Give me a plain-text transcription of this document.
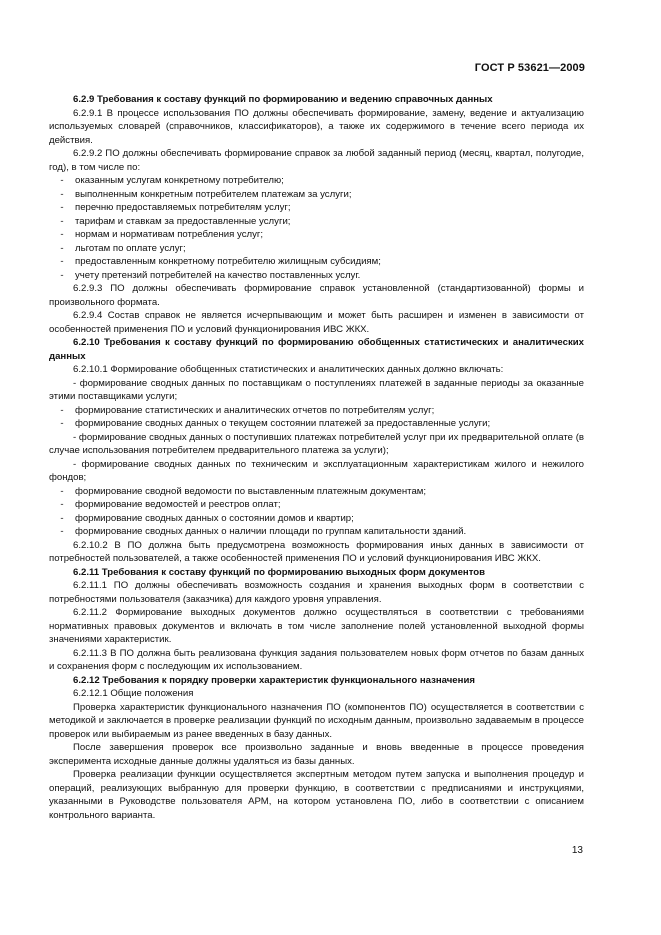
ГОСТ Р 53621—2009

6.2.9 Требования к составу функций по формированию и ведению справочных данных

6.2.9.1 В процессе использования ПО должны обеспечивать формирование, замену, ведение и актуализацию используемых словарей (справочников, классификаторов), а также их содержимого в течение всего периода их действия.

6.2.9.2 ПО должны обеспечивать формирование справок за любой заданный период (месяц, квартал, полугодие, год), в том числе по:

- оказанным услугам конкретному потребителю;

- выполненным конкретным потребителем платежам за услуги;

- перечню предоставляемых потребителям услуг;

- тарифам и ставкам за предоставленные услуги;

- нормам и нормативам потребления услуг;

- льготам по оплате услуг;

- предоставленным конкретному потребителю жилищным субсидиям;

- учету претензий потребителей на качество поставленных услуг.

6.2.9.3 ПО должны обеспечивать формирование справок установленной (стандартизованной) формы и произвольного формата.

6.2.9.4 Состав справок не является исчерпывающим и может быть расширен и изменен в зависимости от особенностей применения ПО и условий функционирования ИВС ЖКХ.

6.2.10 Требования к составу функций по формированию обобщенных статистических и аналитических данных

6.2.10.1 Формирование обобщенных статистических и аналитических данных должно включать:

- формирование сводных данных по поставщикам о поступлениях платежей в заданные периоды за оказанные этими поставщиками услуги;

- формирование статистических и аналитических отчетов по потребителям услуг;

- формирование сводных данных о текущем состоянии платежей за предоставленные услуги;

- формирование сводных данных о поступивших платежах потребителей услуг при их предварительной оплате (в случае использования потребителем предварительного платежа за услуги);

- формирование сводных данных по техническим и эксплуатационным характеристикам жилого и нежилого фондов;

- формирование сводной ведомости по выставленным платежным документам;

- формирование ведомостей и реестров оплат;

- формирование сводных данных о состоянии домов и квартир;

- формирование сводных данных о наличии площади по группам капитальности зданий.

6.2.10.2 В ПО должна быть предусмотрена возможность формирования иных данных в зависимости от потребностей пользователей, а также особенностей применения ПО и условий функционирования ИВС ЖКХ.

6.2.11 Требования к составу функций по формированию выходных форм документов

6.2.11.1 ПО должны обеспечивать возможность создания и хранения выходных форм в соответствии с потребностями пользователя (заказчика) для каждого уровня управления.

6.2.11.2 Формирование выходных документов должно осуществляться в соответствии с требованиями нормативных правовых документов и включать в том числе заполнение полей установленной выходной формы значениями характеристик.

6.2.11.3 В ПО должна быть реализована функция задания пользователем новых форм отчетов по базам данных и сохранения форм с последующим их использованием.

6.2.12 Требования к порядку проверки характеристик функционального назначения

6.2.12.1 Общие положения

Проверка характеристик функционального назначения ПО (компонентов ПО) осуществляется в соответствии с методикой и заключается в проверке реализации функций по исходным данным, произвольно задаваемым в процессе проверок или выбираемым из ранее введенных в базу данных.

После завершения проверок все произвольно заданные и вновь введенные в процессе проведения эксперимента исходные данные должны удаляться из базы данных.

Проверка реализации функции осуществляется экспертным методом путем запуска и выполнения процедур и операций, реализующих выбранную для проверки функцию, в соответствии с предписаниями и инструкциями, указанными в Руководстве пользователя АРМ, на котором установлена ПО, либо в соответствии с описанием контрольного варианта.

13
